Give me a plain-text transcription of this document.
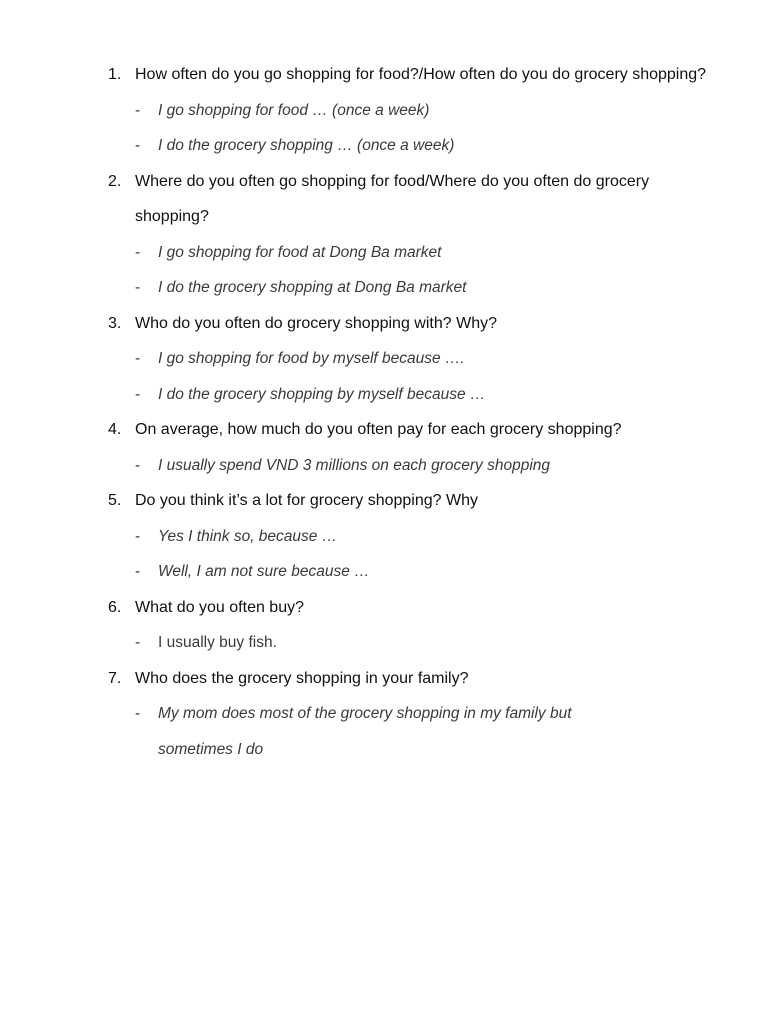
1. How often do you go shopping for food?/How often do you do grocery shopping?
-	I go shopping for food … (once a week)
-	I do the grocery shopping … (once a week)
2. Where do you often go shopping for food/Where do you often do grocery shopping?
-	I go shopping for food at Dong Ba market
-	I do the grocery shopping at Dong Ba market
3. Who do you often do grocery shopping with? Why?
-	I go shopping for food by myself because ….
-	I do the grocery shopping by myself because …
4. On average, how much do you often pay for each grocery shopping?
-	I usually spend VND 3 millions on each grocery shopping
5. Do you think it’s a lot for grocery shopping? Why
-	Yes I think so, because …
-	Well, I am not sure because …
6. What do you often buy?
-	I usually buy fish.
7. Who does the grocery shopping in your family?
-	My mom does most of the grocery shopping in my family but sometimes I do
